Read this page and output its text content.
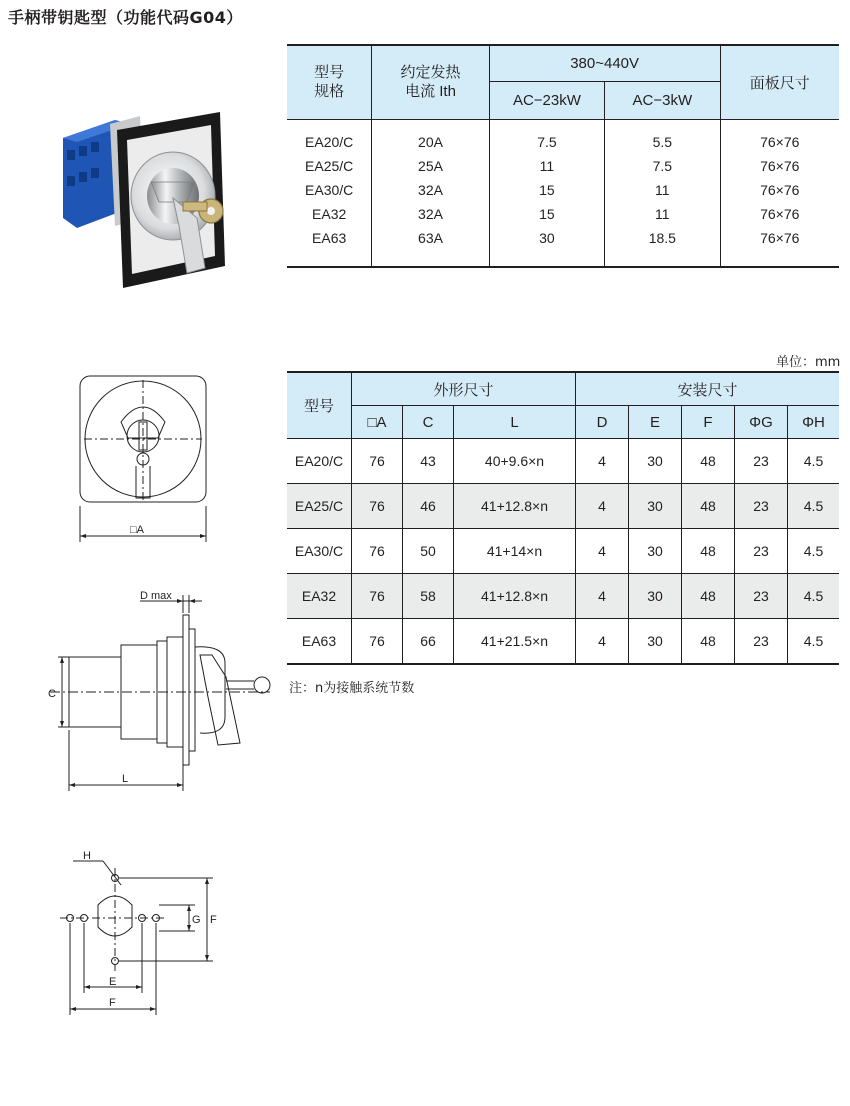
手柄带钥匙型（功能代码G04）
型号
规格	约定发热
电流 Ith	380~440V		面板尺寸
		AC−23kW	AC−3kW	
EA20/C	20A	7.5	5.5	76×76
EA25/C	25A	11	7.5	76×76
EA30/C	32A	15	11	76×76
EA32	32A	15	11	76×76
EA63	63A	30	18.5	76×76
单位：mm
型号	外形尺寸			安装尺寸				
	□A	C	L	D	E	F	ΦG	ΦH
EA20/C	76	43	40+9.6×n	4	30	48	23	4.5
EA25/C	76	46	41+12.8×n	4	30	48	23	4.5
EA30/C	76	50	41+14×n	4	30	48	23	4.5
EA32	76	58	41+12.8×n	4	30	48	23	4.5
EA63	76	66	41+21.5×n	4	30	48	23	4.5
注：n为接触系统节数
□A
D max
C
L
H
G F
E
F
